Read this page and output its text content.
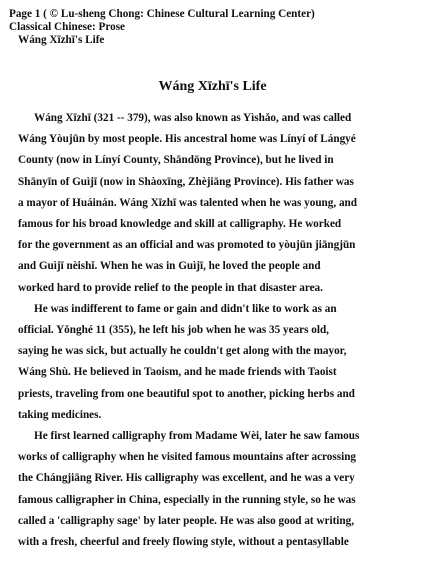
Page 1 ( © Lu-sheng Chong: Chinese Cultural Learning Center)
Classical Chinese: Prose
Wáng Xīzhī's Life
Wáng Xīzhī's Life
Wáng Xīzhī (321 -- 379), was also known as Yìshǎo, and was called
Wáng Yòujūn by most people. His ancestral home was Línyí of Lángyé
County (now in Línyí County, Shāndōng Province), but he lived in
Shānyīn of Guìjī (now in Shàoxīng, Zhèjiāng Province). His father was
a mayor of Huáinán. Wáng Xīzhī was talented when he was young, and
famous for his broad knowledge and skill at calligraphy. He worked
for the government as an official and was promoted to yòujūn jiāngjūn
and Guìjī nèishǐ. When he was in Guìjī, he loved the people and
worked hard to provide relief to the people in that disaster area.
He was indifferent to fame or gain and didn't like to work as an
official. Yǒnghé 11 (355), he left his job when he was 35 years old,
saying he was sick, but actually he couldn't get along with the mayor,
Wáng Shù. He believed in Taoism, and he made friends with Taoist
priests, traveling from one beautiful spot to another, picking herbs and
taking medicines.
He first learned calligraphy from Madame Wèi, later he saw famous
works of calligraphy when he visited famous mountains after acrossing
the Chángjiāng River. His calligraphy was excellent, and he was a very
famous calligrapher in China, especially in the running style, so he was
called a 'calligraphy sage' by later people. He was also good at writing,
with a fresh, cheerful and freely flowing style, without a pentasyllable
